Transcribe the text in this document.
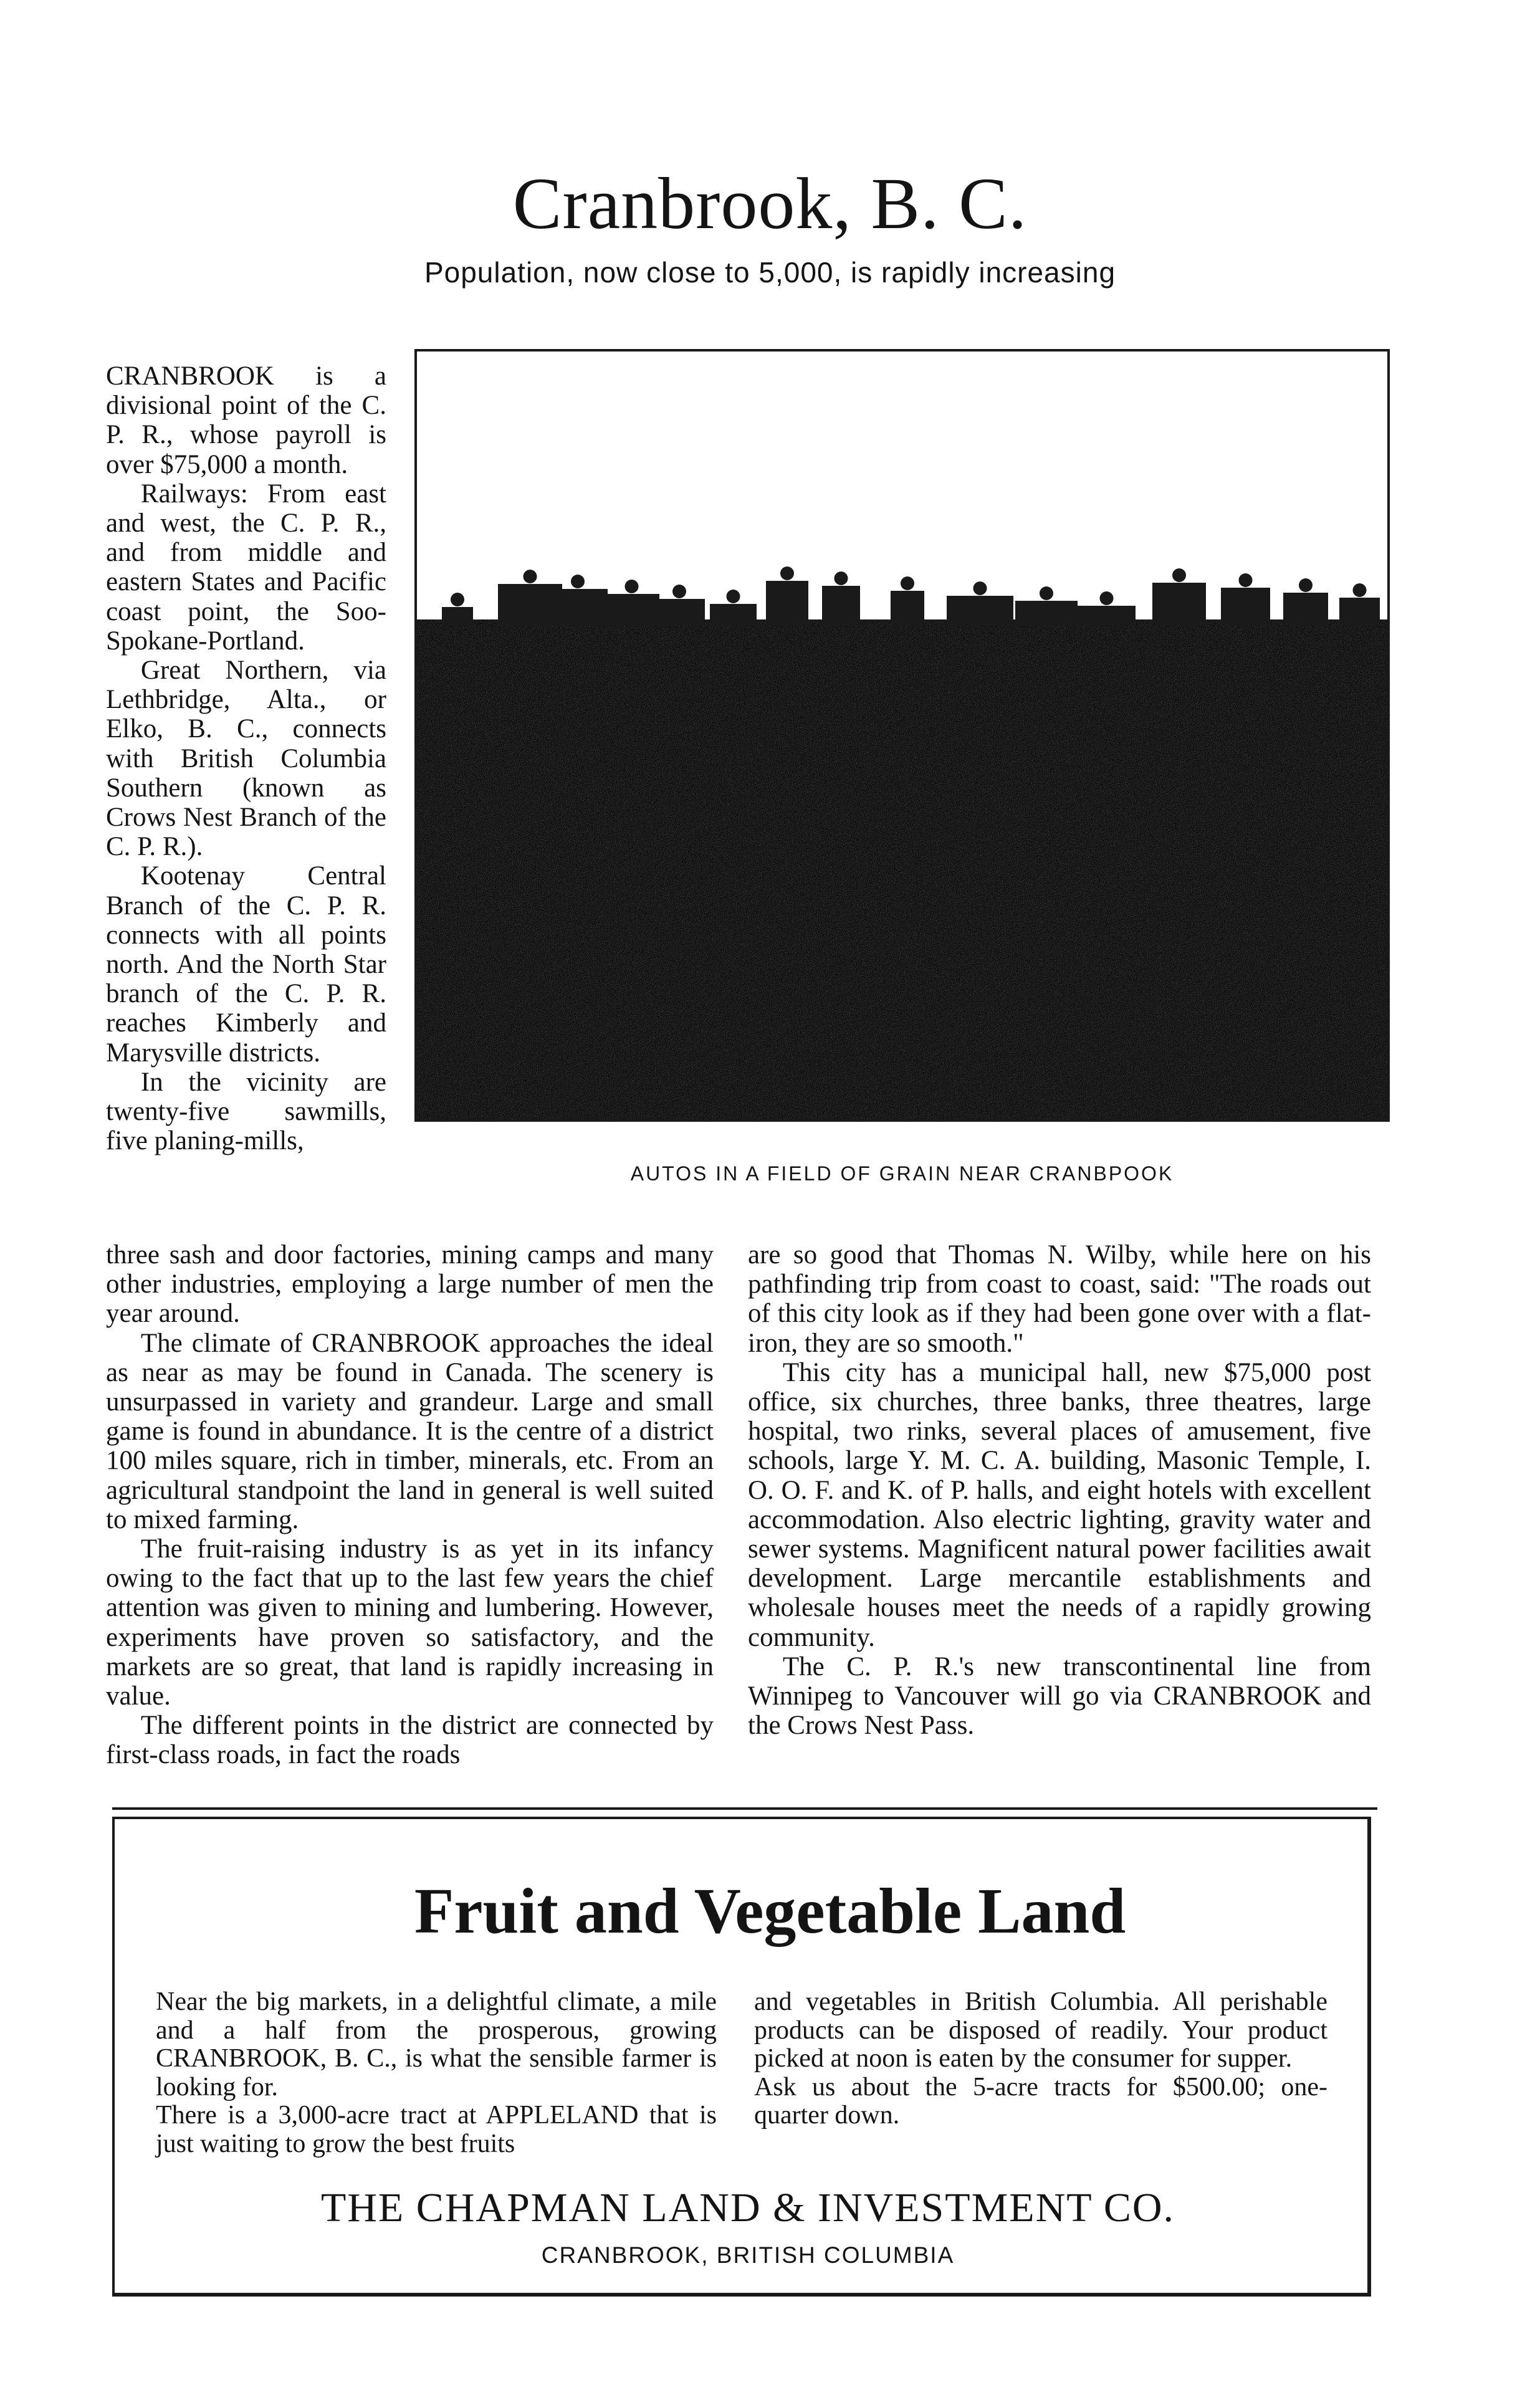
Cranbrook, B. C.
Population, now close to 5,000, is rapidly increasing

CRANBROOK is a divisional point of the C. P. R., whose payroll is over $75,000 a month.

Railways: From east and west, the C. P. R., and from middle and eastern States and Pacific coast point, the Soo-Spokane-Portland.

Great Northern, via Lethbridge, Alta., or Elko, B. C., connects with British Columbia Southern (known as Crows Nest Branch of the C. P. R.).

Kootenay Central Branch of the C. P. R. connects with all points north. And the North Star branch of the C. P. R. reaches Kimberly and Marysville districts.

In the vicinity are twenty-five sawmills, five planing-mills,

AUTOS IN A FIELD OF GRAIN NEAR CRANBPOOK

three sash and door factories, mining camps and many other industries, employing a large number of men the year around.

The climate of CRANBROOK approaches the ideal as near as may be found in Canada. The scenery is unsurpassed in variety and grandeur. Large and small game is found in abundance. It is the centre of a district 100 miles square, rich in timber, minerals, etc. From an agricultural standpoint the land in general is well suited to mixed farming.

The fruit-raising industry is as yet in its infancy owing to the fact that up to the last few years the chief attention was given to mining and lumbering. However, experiments have proven so satisfactory, and the markets are so great, that land is rapidly increasing in value.

The different points in the district are connected by first-class roads, in fact the roads

are so good that Thomas N. Wilby, while here on his pathfinding trip from coast to coast, said: "The roads out of this city look as if they had been gone over with a flat-iron, they are so smooth."

This city has a municipal hall, new $75,000 post office, six churches, three banks, three theatres, large hospital, two rinks, several places of amusement, five schools, large Y. M. C. A. building, Masonic Temple, I. O. O. F. and K. of P. halls, and eight hotels with excellent accommodation. Also electric lighting, gravity water and sewer systems. Magnificent natural power facilities await development. Large mercantile establishments and wholesale houses meet the needs of a rapidly growing community.

The C. P. R.'s new transcontinental line from Winnipeg to Vancouver will go via CRANBROOK and the Crows Nest Pass.

Fruit and Vegetable Land

Near the big markets, in a delightful climate, a mile and a half from the prosperous, growing CRANBROOK, B. C., is what the sensible farmer is looking for.

There is a 3,000-acre tract at APPLELAND that is just waiting to grow the best fruits

and vegetables in British Columbia. All perishable products can be disposed of readily. Your product picked at noon is eaten by the consumer for supper.

Ask us about the 5-acre tracts for $500.00; one-quarter down.

THE CHAPMAN LAND & INVESTMENT CO.
CRANBROOK, BRITISH COLUMBIA
